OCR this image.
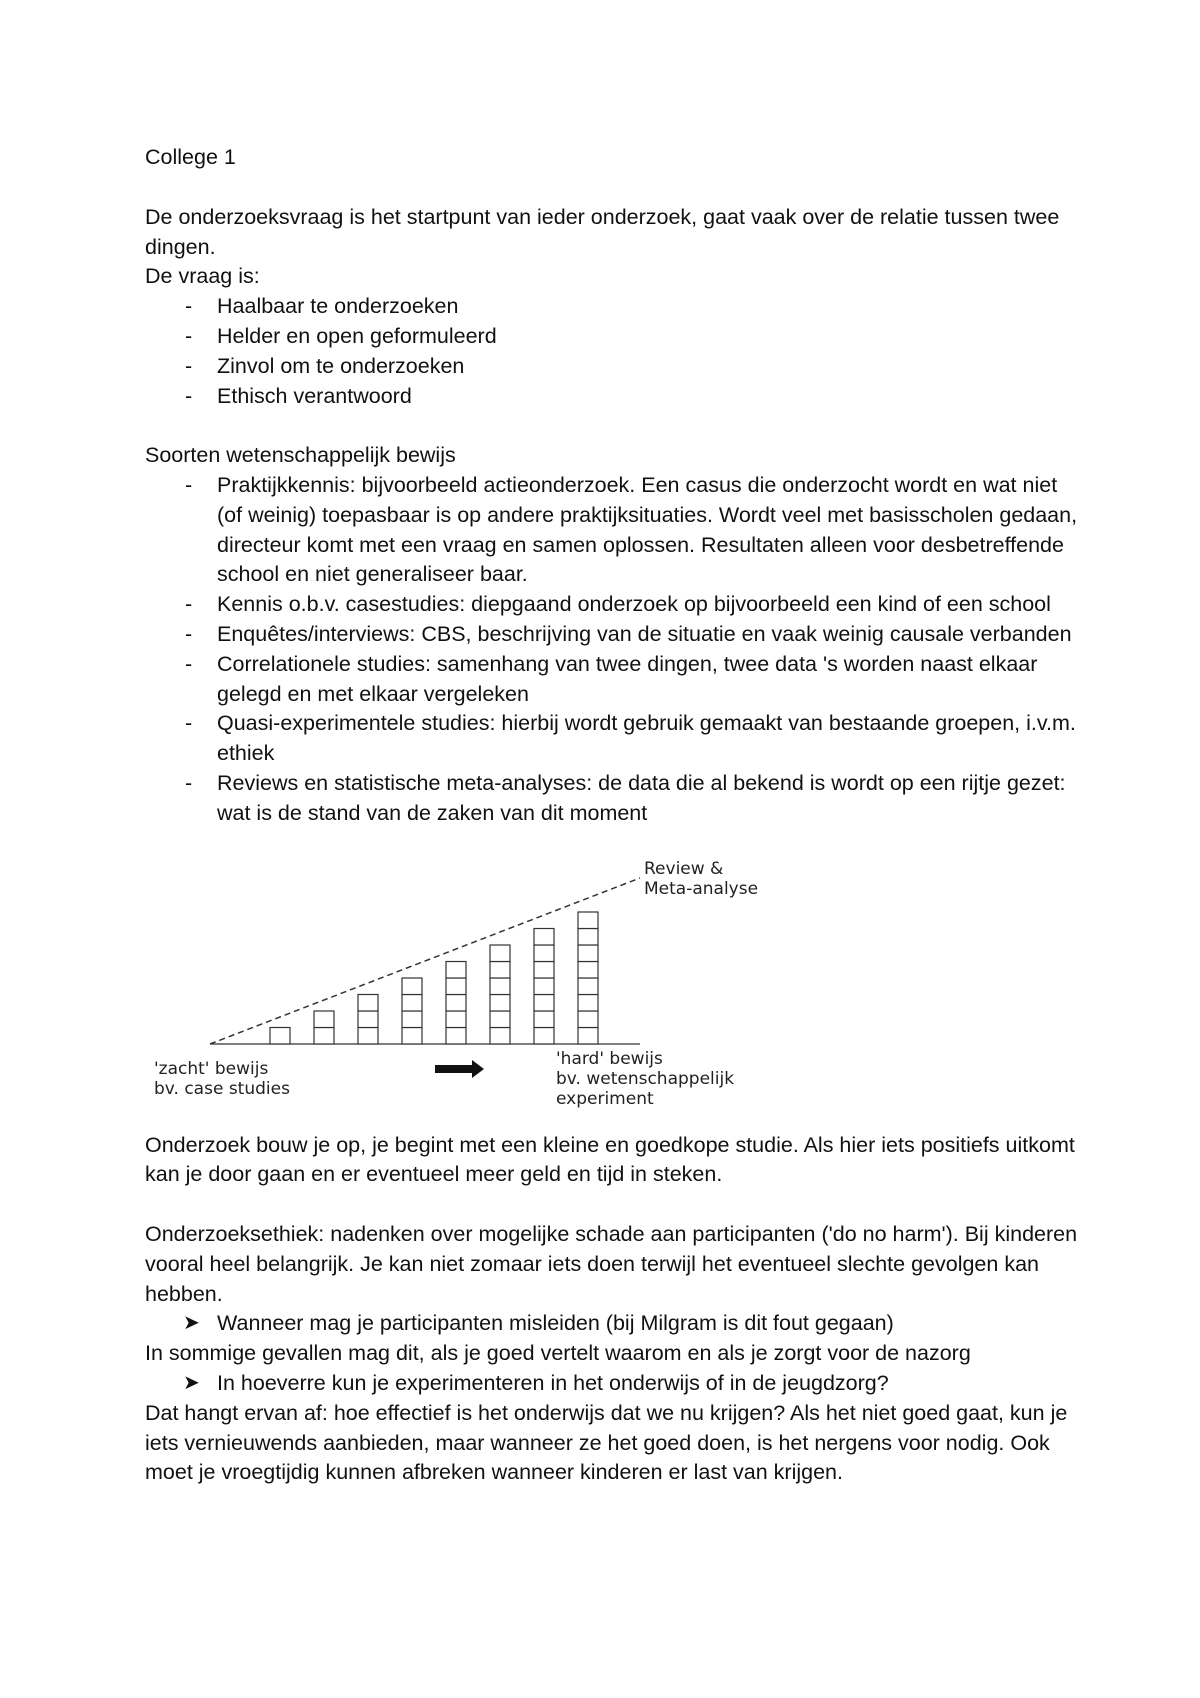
College 1

De onderzoeksvraag is het startpunt van ieder onderzoek, gaat vaak over de relatie tussen twee dingen.

De vraag is:

- Haalbaar te onderzoeken
- Helder en open geformuleerd
- Zinvol om te onderzoeken
- Ethisch verantwoord

Soorten wetenschappelijk bewijs

- Praktijkkennis: bijvoorbeeld actieonderzoek. Een casus die onderzocht wordt en wat niet (of weinig) toepasbaar is op andere praktijksituaties. Wordt veel met basisscholen gedaan, directeur komt met een vraag en samen oplossen. Resultaten alleen voor desbetreffende school en niet generaliseer baar.
- Kennis o.b.v. casestudies: diepgaand onderzoek op bijvoorbeeld een kind of een school
- Enquêtes/interviews: CBS, beschrijving van de situatie en vaak weinig causale verbanden
- Correlationele studies: samenhang van twee dingen, twee data 's worden naast elkaar gelegd en met elkaar vergeleken
- Quasi-experimentele studies: hierbij wordt gebruik gemaakt van bestaande groepen, i.v.m. ethiek
- Reviews en statistische meta-analyses: de data die al bekend is wordt op een rijtje gezet: wat is de stand van de zaken van dit moment
Review &
Meta-analyse
'zacht' bewijs
bv. case studies
'hard' bewijs
bv. wetenschappelijk
experiment

Onderzoek bouw je op, je begint met een kleine en goedkope studie. Als hier iets positiefs uitkomt kan je door gaan en er eventueel meer geld en tijd in steken.

Onderzoeksethiek: nadenken over mogelijke schade aan participanten ('do no harm'). Bij kinderen vooral heel belangrijk. Je kan niet zomaar iets doen terwijl het eventueel slechte gevolgen kan hebben.

➤ Wanneer mag je participanten misleiden (bij Milgram is dit fout gegaan)

In sommige gevallen mag dit, als je goed vertelt waarom en als je zorgt voor de nazorg

➤ In hoeverre kun je experimenteren in het onderwijs of in de jeugdzorg?

Dat hangt ervan af: hoe effectief is het onderwijs dat we nu krijgen? Als het niet goed gaat, kun je iets vernieuwends aanbieden, maar wanneer ze het goed doen, is het nergens voor nodig. Ook moet je vroegtijdig kunnen afbreken wanneer kinderen er last van krijgen.
